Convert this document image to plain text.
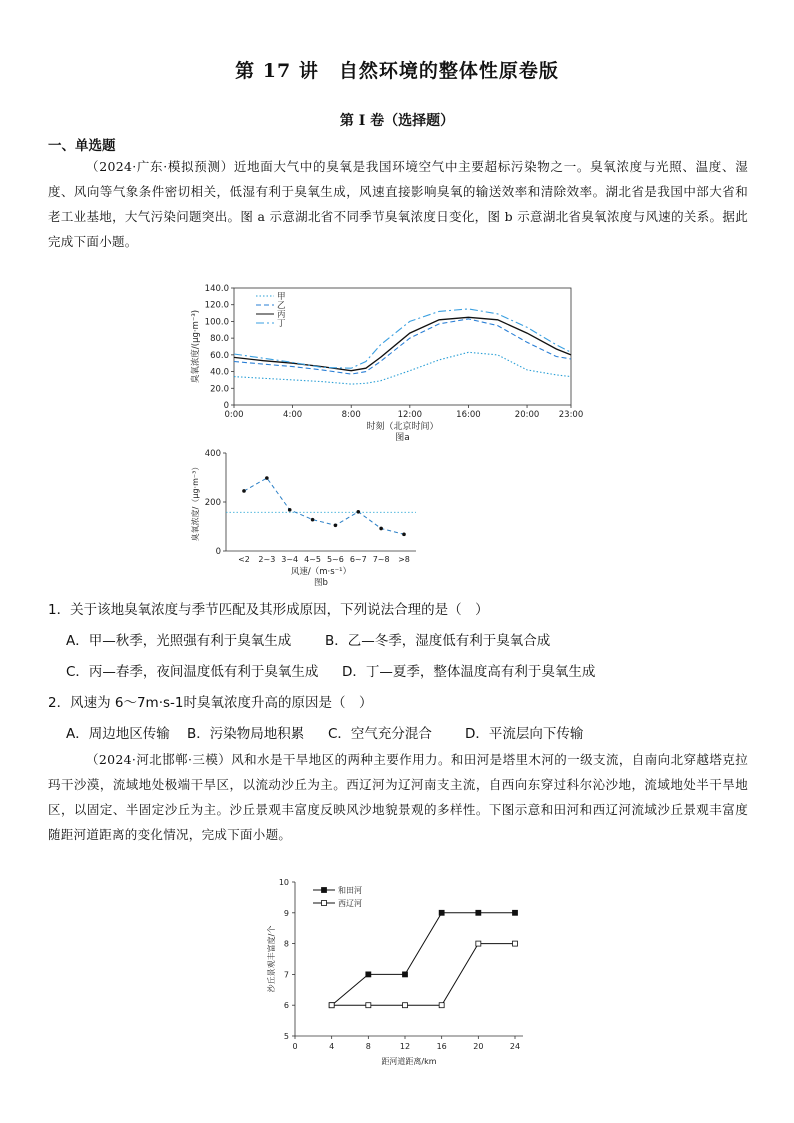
第 17 讲　自然环境的整体性原卷版
第 I 卷（选择题）
一、单选题
（2024·广东·模拟预测）近地面大气中的臭氧是我国环境空气中主要超标污染物之一。臭氧浓度与光照、温度、湿度、风向等气象条件密切相关，低湿有利于臭氧生成，风速直接影响臭氧的输送效率和清除效率。湖北省是我国中部大省和老工业基地，大气污染问题突出。图 a 示意湖北省不同季节臭氧浓度日变化，图 b 示意湖北省臭氧浓度与风速的关系。据此完成下面小题。
0
20.0
40.0
60.0
80.0
100.0
120.0
140.0
0:00	4:00	8:00	12:00	16:00	20:00 23:00
甲
乙
丙
丁
时刻（北京时间）
图a
臭氧浓度/(μg·m⁻³)
0
200
400
<2 2~3 3~4 4~5 5~6 6~7 7~8 >8
风速/（m·s⁻¹）
图b
臭氧浓度/（μg·m⁻³）
1．关于该地臭氧浓度与季节匹配及其形成原因，下列说法合理的是（　）
A．甲—秋季，光照强有利于臭氧生成	B．乙—冬季，湿度低有利于臭氧合成
C．丙—春季，夜间温度低有利于臭氧生成 D．丁—夏季，整体温度高有利于臭氧生成
2．风速为 6～7m·s-1时臭氧浓度升高的原因是（　）
A．周边地区传输 B．污染物局地积累 C．空气充分混合 D．平流层向下传输
（2024·河北邯郸·三模）风和水是干旱地区的两种主要作用力。和田河是塔里木河的一级支流，自南向北穿越塔克拉玛干沙漠，流域地处极端干旱区，以流动沙丘为主。西辽河为辽河南支主流，自西向东穿过科尔沁沙地，流域地处半干旱地区，以固定、半固定沙丘为主。沙丘景观丰富度反映风沙地貌景观的多样性。下图示意和田河和西辽河流域沙丘景观丰富度随距河道距离的变化情况，完成下面小题。
5
6
7
8
9
10
0	4	8	12	16	20	24
和田河
西辽河
距河道距离/km
沙丘景观丰富度/个
